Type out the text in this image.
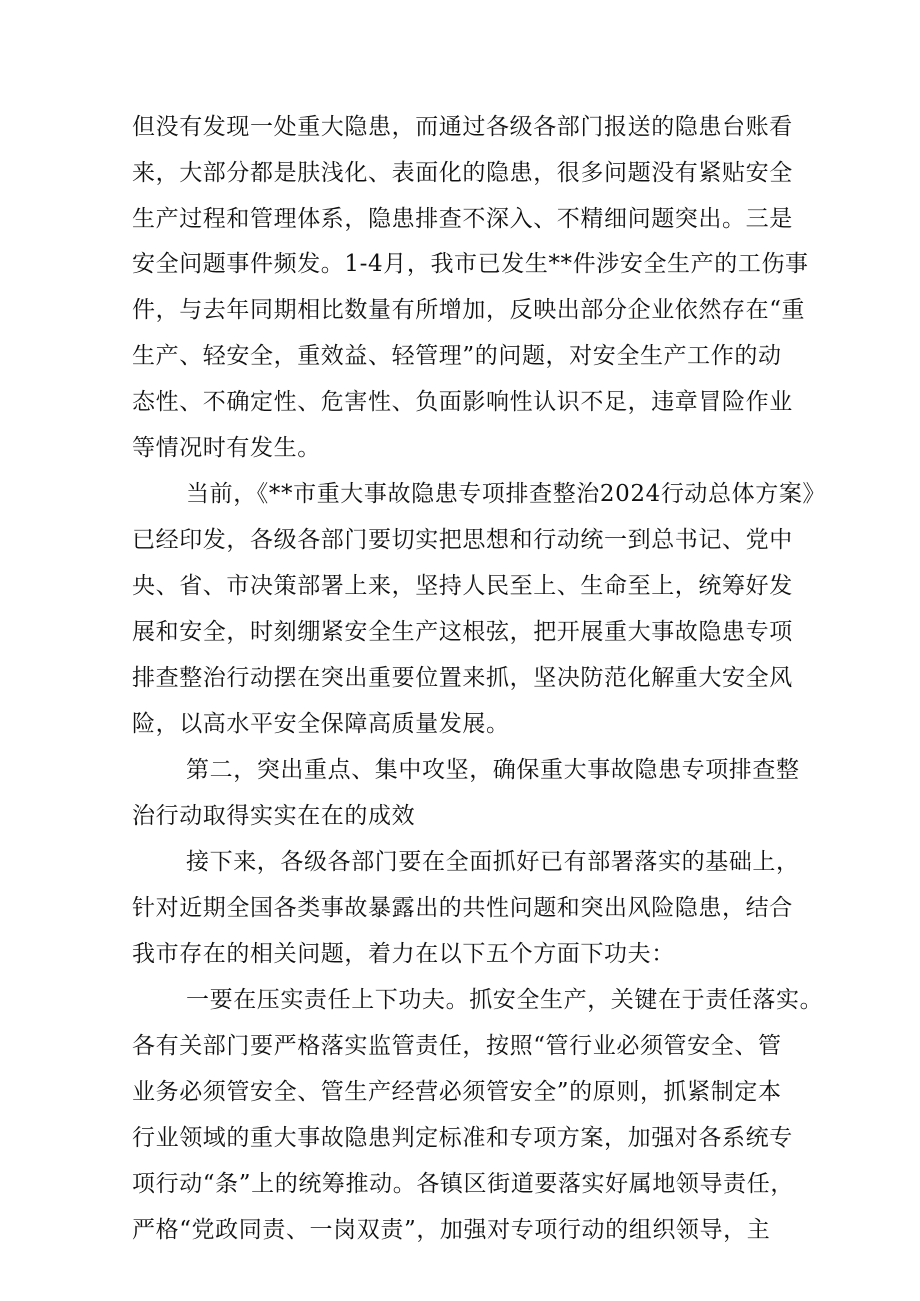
但没有发现一处重大隐患，而通过各级各部门报送的隐患台账看
来，大部分都是肤浅化、表面化的隐患，很多问题没有紧贴安全
生产过程和管理体系，隐患排查不深入、不精细问题突出。三是
安全问题事件频发。1-4月，我市已发生**件涉安全生产的工伤事
件，与去年同期相比数量有所增加，反映出部分企业依然存在“重
生产、轻安全，重效益、轻管理”的问题，对安全生产工作的动
态性、不确定性、危害性、负面影响性认识不足，违章冒险作业
等情况时有发生。
当前，《**市重大事故隐患专项排查整治2024行动总体方案》
已经印发，各级各部门要切实把思想和行动统一到总书记、党中
央、省、市决策部署上来，坚持人民至上、生命至上，统筹好发
展和安全，时刻绷紧安全生产这根弦，把开展重大事故隐患专项
排查整治行动摆在突出重要位置来抓，坚决防范化解重大安全风
险，以高水平安全保障高质量发展。
第二，突出重点、集中攻坚，确保重大事故隐患专项排查整
治行动取得实实在在的成效
接下来，各级各部门要在全面抓好已有部署落实的基础上，
针对近期全国各类事故暴露出的共性问题和突出风险隐患，结合
我市存在的相关问题，着力在以下五个方面下功夫：
一要在压实责任上下功夫。抓安全生产，关键在于责任落实。
各有关部门要严格落实监管责任，按照“管行业必须管安全、管
业务必须管安全、管生产经营必须管安全”的原则，抓紧制定本
行业领域的重大事故隐患判定标准和专项方案，加强对各系统专
项行动“条”上的统筹推动。各镇区街道要落实好属地领导责任，
严格“党政同责、一岗双责”，加强对专项行动的组织领导，主
